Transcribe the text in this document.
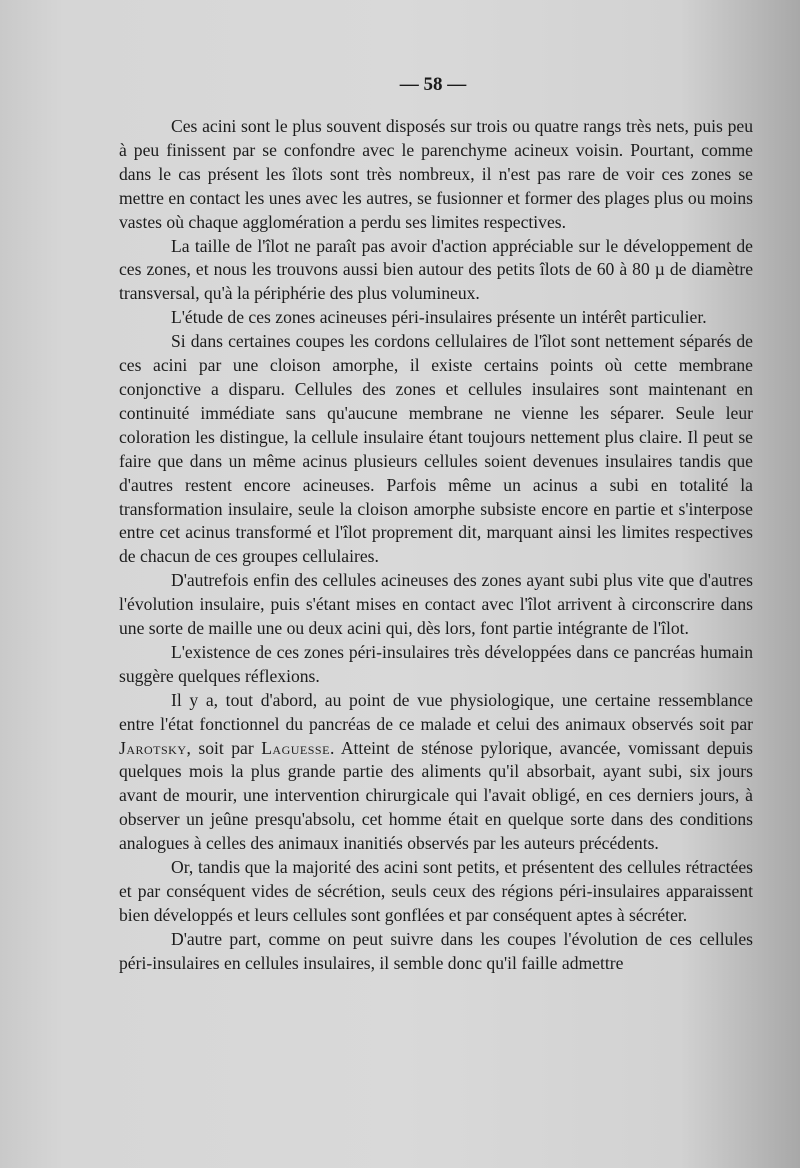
— 58 —

Ces acini sont le plus souvent disposés sur trois ou quatre rangs très nets, puis peu à peu finissent par se confondre avec le parenchyme acineux voisin. Pourtant, comme dans le cas présent les îlots sont très nombreux, il n'est pas rare de voir ces zones se mettre en contact les unes avec les autres, se fusionner et former des plages plus ou moins vastes où chaque agglomération a perdu ses limites respectives.

La taille de l'îlot ne paraît pas avoir d'action appréciable sur le développement de ces zones, et nous les trouvons aussi bien autour des petits îlots de 60 à 80 µ de diamètre transversal, qu'à la périphérie des plus volumineux.

L'étude de ces zones acineuses péri-insulaires présente un intérêt particulier.

Si dans certaines coupes les cordons cellulaires de l'îlot sont nettement séparés de ces acini par une cloison amorphe, il existe certains points où cette membrane conjonctive a disparu. Cellules des zones et cellules insulaires sont maintenant en continuité immédiate sans qu'aucune membrane ne vienne les séparer. Seule leur coloration les distingue, la cellule insulaire étant toujours nettement plus claire. Il peut se faire que dans un même acinus plusieurs cellules soient devenues insulaires tandis que d'autres restent encore acineuses. Parfois même un acinus a subi en totalité la transformation insulaire, seule la cloison amorphe subsiste encore en partie et s'interpose entre cet acinus transformé et l'îlot proprement dit, marquant ainsi les limites respectives de chacun de ces groupes cellulaires.

D'autrefois enfin des cellules acineuses des zones ayant subi plus vite que d'autres l'évolution insulaire, puis s'étant mises en contact avec l'îlot arrivent à circonscrire dans une sorte de maille une ou deux acini qui, dès lors, font partie intégrante de l'îlot.

L'existence de ces zones péri-insulaires très développées dans ce pancréas humain suggère quelques réflexions.

Il y a, tout d'abord, au point de vue physiologique, une certaine ressemblance entre l'état fonctionnel du pancréas de ce malade et celui des animaux observés soit par Jarotsky, soit par Laguesse. Atteint de sténose pylorique, avancée, vomissant depuis quelques mois la plus grande partie des aliments qu'il absorbait, ayant subi, six jours avant de mourir, une intervention chirurgicale qui l'avait obligé, en ces derniers jours, à observer un jeûne presqu'absolu, cet homme était en quelque sorte dans des conditions analogues à celles des animaux inanitiés observés par les auteurs précédents.

Or, tandis que la majorité des acini sont petits, et présentent des cellules rétractées et par conséquent vides de sécrétion, seuls ceux des régions péri-insulaires apparaissent bien développés et leurs cellules sont gonflées et par conséquent aptes à sécréter.

D'autre part, comme on peut suivre dans les coupes l'évolution de ces cellules péri-insulaires en cellules insulaires, il semble donc qu'il faille admettre
